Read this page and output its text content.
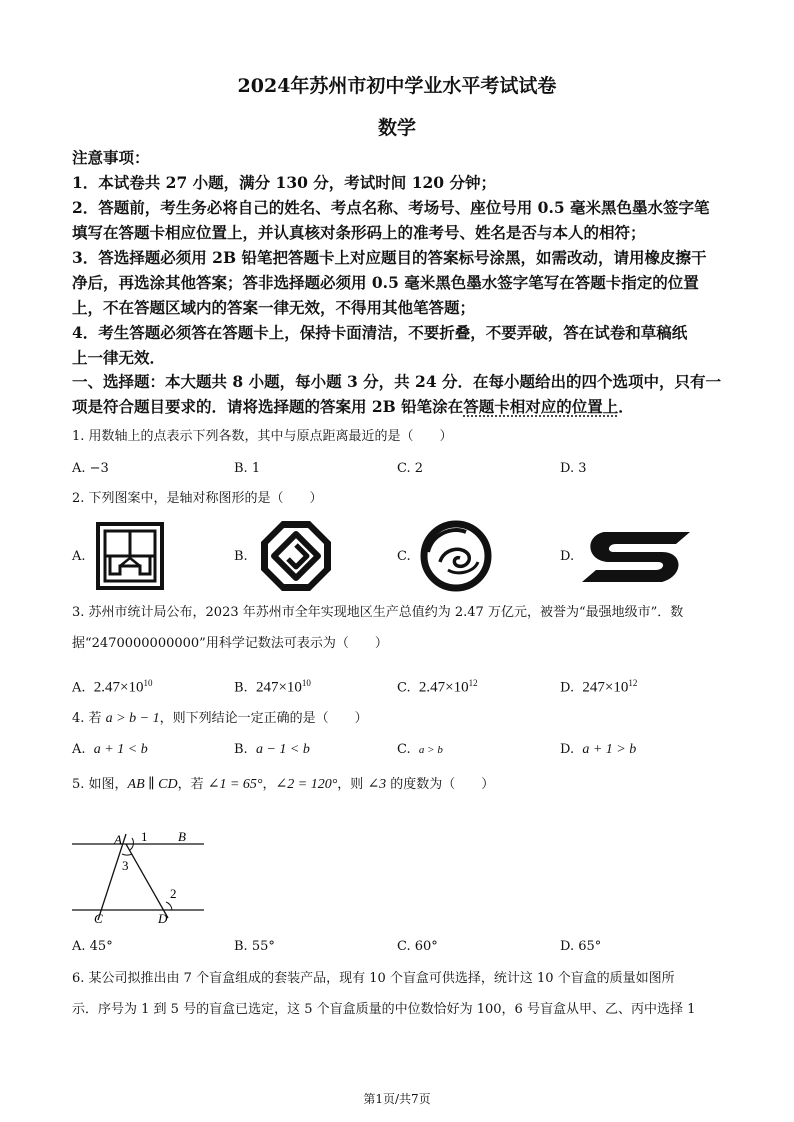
2024年苏州市初中学业水平考试试卷
数学
注意事项：
1．本试卷共 27 小题，满分 130 分，考试时间 120 分钟；
2．答题前，考生务必将自己的姓名、考点名称、考场号、座位号用 0.5 毫米黑色墨水签字笔
填写在答题卡相应位置上，并认真核对条形码上的准考号、姓名是否与本人的相符；
3．答选择题必须用 2B 铅笔把答题卡上对应题目的答案标号涂黑，如需改动，请用橡皮擦干
净后，再选涂其他答案；答非选择题必须用 0.5 毫米黑色墨水签字笔写在答题卡指定的位置
上，不在答题区域内的答案一律无效，不得用其他笔答题；
4．考生答题必须答在答题卡上，保持卡面清洁，不要折叠，不要弄破，答在试卷和草稿纸
上一律无效．
一、选择题：本大题共 8 小题，每小题 3 分，共 24 分．在每小题给出的四个选项中，只有一
项是符合题目要求的．请将选择题的答案用 2B 铅笔涂在答题卡相对应的位置上．
1. 用数轴上的点表示下列各数，其中与原点距离最近的是（　　）
A. −3	B. 1	C. 2	D. 3
2. 下列图案中，是轴对称图形的是（　　）
A.	B.	C.	D.
3. 苏州市统计局公布，2023 年苏州市全年实现地区生产总值约为 2.47 万亿元，被誉为“最强地级市”．数
据“2470000000000”用科学记数法可表示为（　　）
A. $2.47\times 10^{10}$	B. $247\times 10^{10}$	C. $2.47\times 10^{12}$	D. $247\times 10^{12}$
4. 若 a > b − 1，则下列结论一定正确的是（　　）
A. a + 1 < b	B. a − 1 < b	C. a > b	D. a + 1 > b
5. 如图，AB ∥ CD，若 ∠1 = 65°，∠2 = 120°，则 ∠3 的度数为（　　）
A	B
C	D
1
2
3
A. 45°	B. 55°	C. 60°	D. 65°
6. 某公司拟推出由 7 个盲盒组成的套装产品，现有 10 个盲盒可供选择，统计这 10 个盲盒的质量如图所
示．序号为 1 到 5 号的盲盒已选定，这 5 个盲盒质量的中位数恰好为 100，6 号盲盒从甲、乙、丙中选择 1
第1页/共7页
